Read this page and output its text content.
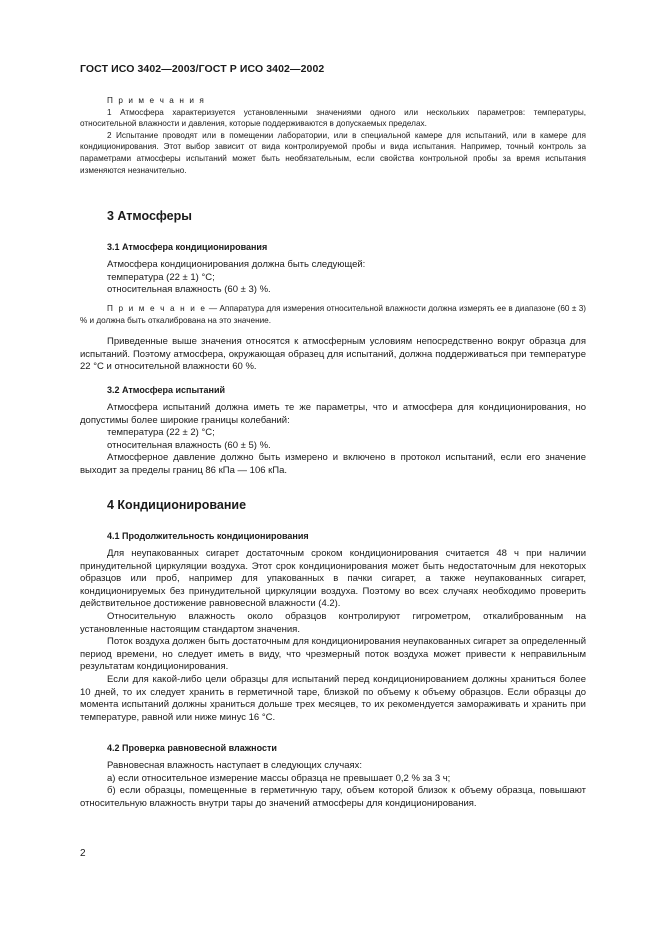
ГОСТ ИСО 3402—2003/ГОСТ Р ИСО 3402—2002
П р и м е ч а н и я

1 Атмосфера характеризуется установленными значениями одного или нескольких параметров: температуры, относительной влажности и давления, которые поддерживаются в допускаемых пределах.

2 Испытание проводят или в помещении лаборатории, или в специальной камере для испытаний, или в камере для кондиционирования. Этот выбор зависит от вида контролируемой пробы и вида испытания. Например, точный контроль за параметрами атмосферы испытаний может быть необязательным, если свойства контрольной пробы за время испытания изменяются незначительно.

3 Атмосферы
3.1 Атмосфера кондиционирования

Атмосфера кондиционирования должна быть следующей:

температура (22 ± 1) °С;

относительная влажность (60 ± 3) %.

П р и м е ч а н и е — Аппаратура для измерения относительной влажности должна измерять ее в диапазоне (60 ± 3) % и должна быть откалибрована на это значение.

Приведенные выше значения относятся к атмосферным условиям непосредственно вокруг образца для испытаний. Поэтому атмосфера, окружающая образец для испытаний, должна поддерживаться при температуре 22 °С и относительной влажности 60 %.

3.2 Атмосфера испытаний

Атмосфера испытаний должна иметь те же параметры, что и атмосфера для кондиционирования, но допустимы более широкие границы колебаний:

температура (22 ± 2) °С;

относительная влажность (60 ± 5) %.

Атмосферное давление должно быть измерено и включено в протокол испытаний, если его значение выходит за пределы границ 86 кПа — 106 кПа.

4 Кондиционирование
4.1 Продолжительность кондиционирования

Для неупакованных сигарет достаточным сроком кондиционирования считается 48 ч при наличии принудительной циркуляции воздуха. Этот срок кондиционирования может быть недостаточным для некоторых образцов или проб, например для упакованных в пачки сигарет, а также неупакованных сигарет, кондиционируемых без принудительной циркуляции воздуха. Поэтому во всех случаях необходимо проверить действительное достижение равновесной влажности (4.2).

Относительную влажность около образцов контролируют гигрометром, откалиброванным на установленные настоящим стандартом значения.

Поток воздуха должен быть достаточным для кондиционирования неупакованных сигарет за определенный период времени, но следует иметь в виду, что чрезмерный поток воздуха может привести к неправильным результатам кондиционирования.

Если для какой-либо цели образцы для испытаний перед кондиционированием должны храниться более 10 дней, то их следует хранить в герметичной таре, близкой по объему к объему образцов. Если образцы до момента испытаний должны храниться дольше трех месяцев, то их рекомендуется замораживать и хранить при температуре, равной или ниже минус 16 °С.

4.2 Проверка равновесной влажности

Равновесная влажность наступает в следующих случаях:

а) если относительное измерение массы образца не превышает 0,2 % за 3 ч;

б) если образцы, помещенные в герметичную тару, объем которой близок к объему образца, повышают относительную влажность внутри тары до значений атмосферы для кондиционирования.

2
